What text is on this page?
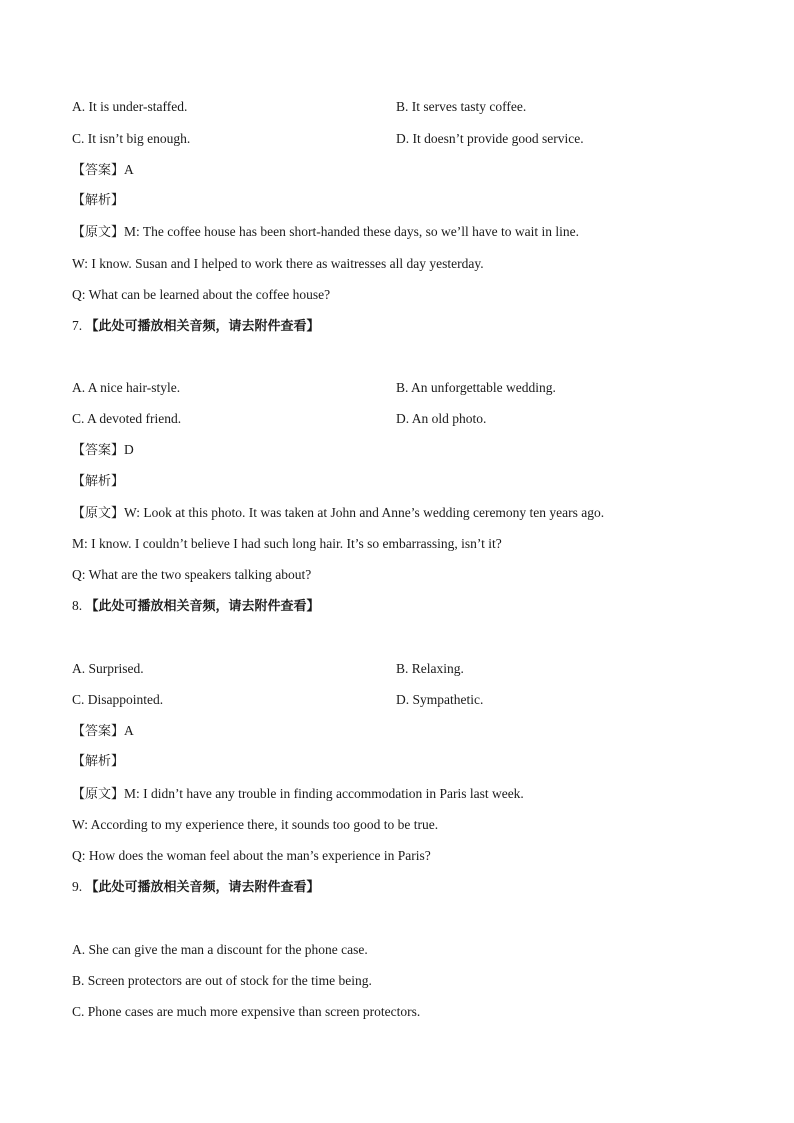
A. It is under-staffed.	B. It serves tasty coffee.
C. It isn’t big enough.	D. It doesn’t provide good service.
【答案】A
【解析】
【原文】M: The coffee house has been short-handed these days, so we’ll have to wait in line.
W: I know. Susan and I helped to work there as waitresses all day yesterday.
Q: What can be learned about the coffee house?
7. 【此处可播放相关音频，请去附件查看】
A. A nice hair-style.	B. An unforgettable wedding.
C. A devoted friend.	D. An old photo.
【答案】D
【解析】
【原文】W: Look at this photo. It was taken at John and Anne’s wedding ceremony ten years ago.
M: I know. I couldn’t believe I had such long hair. It’s so embarrassing, isn’t it?
Q: What are the two speakers talking about?
8. 【此处可播放相关音频，请去附件查看】
A. Surprised.	B. Relaxing.
C. Disappointed.	D. Sympathetic.
【答案】A
【解析】
【原文】M: I didn’t have any trouble in finding accommodation in Paris last week.
W: According to my experience there, it sounds too good to be true.
Q: How does the woman feel about the man’s experience in Paris?
9. 【此处可播放相关音频，请去附件查看】
A. She can give the man a discount for the phone case.
B. Screen protectors are out of stock for the time being.
C. Phone cases are much more expensive than screen protectors.
